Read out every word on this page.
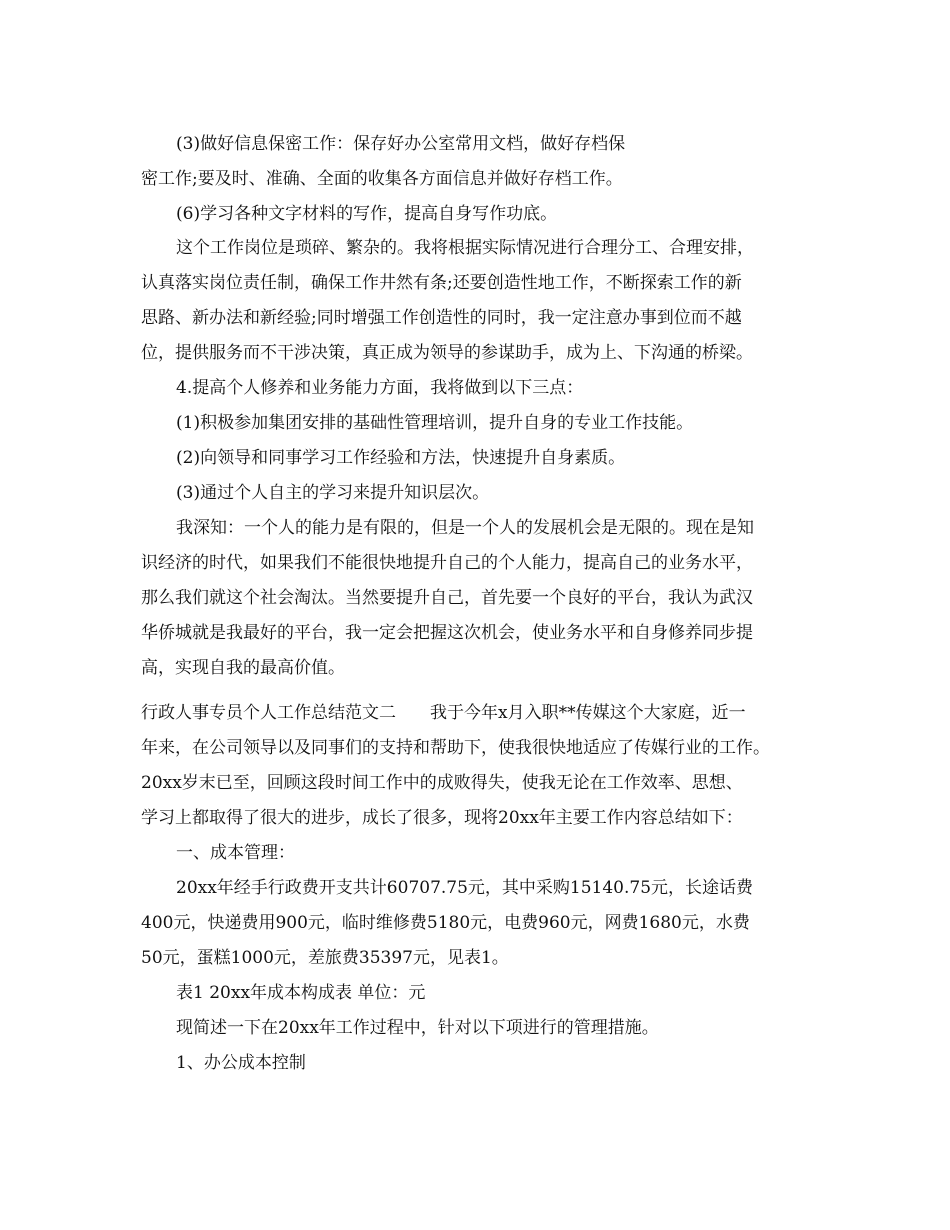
(3)做好信息保密工作：保存好办公室常用文档，做好存档保
密工作;要及时、准确、全面的收集各方面信息并做好存档工作。
(6)学习各种文字材料的写作，提高自身写作功底。
这个工作岗位是琐碎、繁杂的。我将根据实际情况进行合理分工、合理安排，
认真落实岗位责任制，确保工作井然有条;还要创造性地工作，不断探索工作的新
思路、新办法和新经验;同时增强工作创造性的同时，我一定注意办事到位而不越
位，提供服务而不干涉决策，真正成为领导的参谋助手，成为上、下沟通的桥梁。
4.提高个人修养和业务能力方面，我将做到以下三点：
(1)积极参加集团安排的基础性管理培训，提升自身的专业工作技能。
(2)向领导和同事学习工作经验和方法，快速提升自身素质。
(3)通过个人自主的学习来提升知识层次。
我深知：一个人的能力是有限的，但是一个人的发展机会是无限的。现在是知
识经济的时代，如果我们不能很快地提升自己的个人能力，提高自己的业务水平，
那么我们就这个社会淘汰。当然要提升自己，首先要一个良好的平台，我认为武汉
华侨城就是我最好的平台，我一定会把握这次机会，使业务水平和自身修养同步提
高，实现自我的最高价值。
行政人事专员个人工作总结范文二　　我于今年x月入职**传媒这个大家庭，近一
年来，在公司领导以及同事们的支持和帮助下，使我很快地适应了传媒行业的工作。
20xx岁末已至，回顾这段时间工作中的成败得失，使我无论在工作效率、思想、
学习上都取得了很大的进步，成长了很多，现将20xx年主要工作内容总结如下：
一、成本管理：
20xx年经手行政费开支共计60707.75元，其中采购15140.75元，长途话费
400元，快递费用900元，临时维修费5180元，电费960元，网费1680元，水费
50元，蛋糕1000元，差旅费35397元，见表1。
表1 20xx年成本构成表 单位：元
现简述一下在20xx年工作过程中，针对以下项进行的管理措施。
1、办公成本控制
